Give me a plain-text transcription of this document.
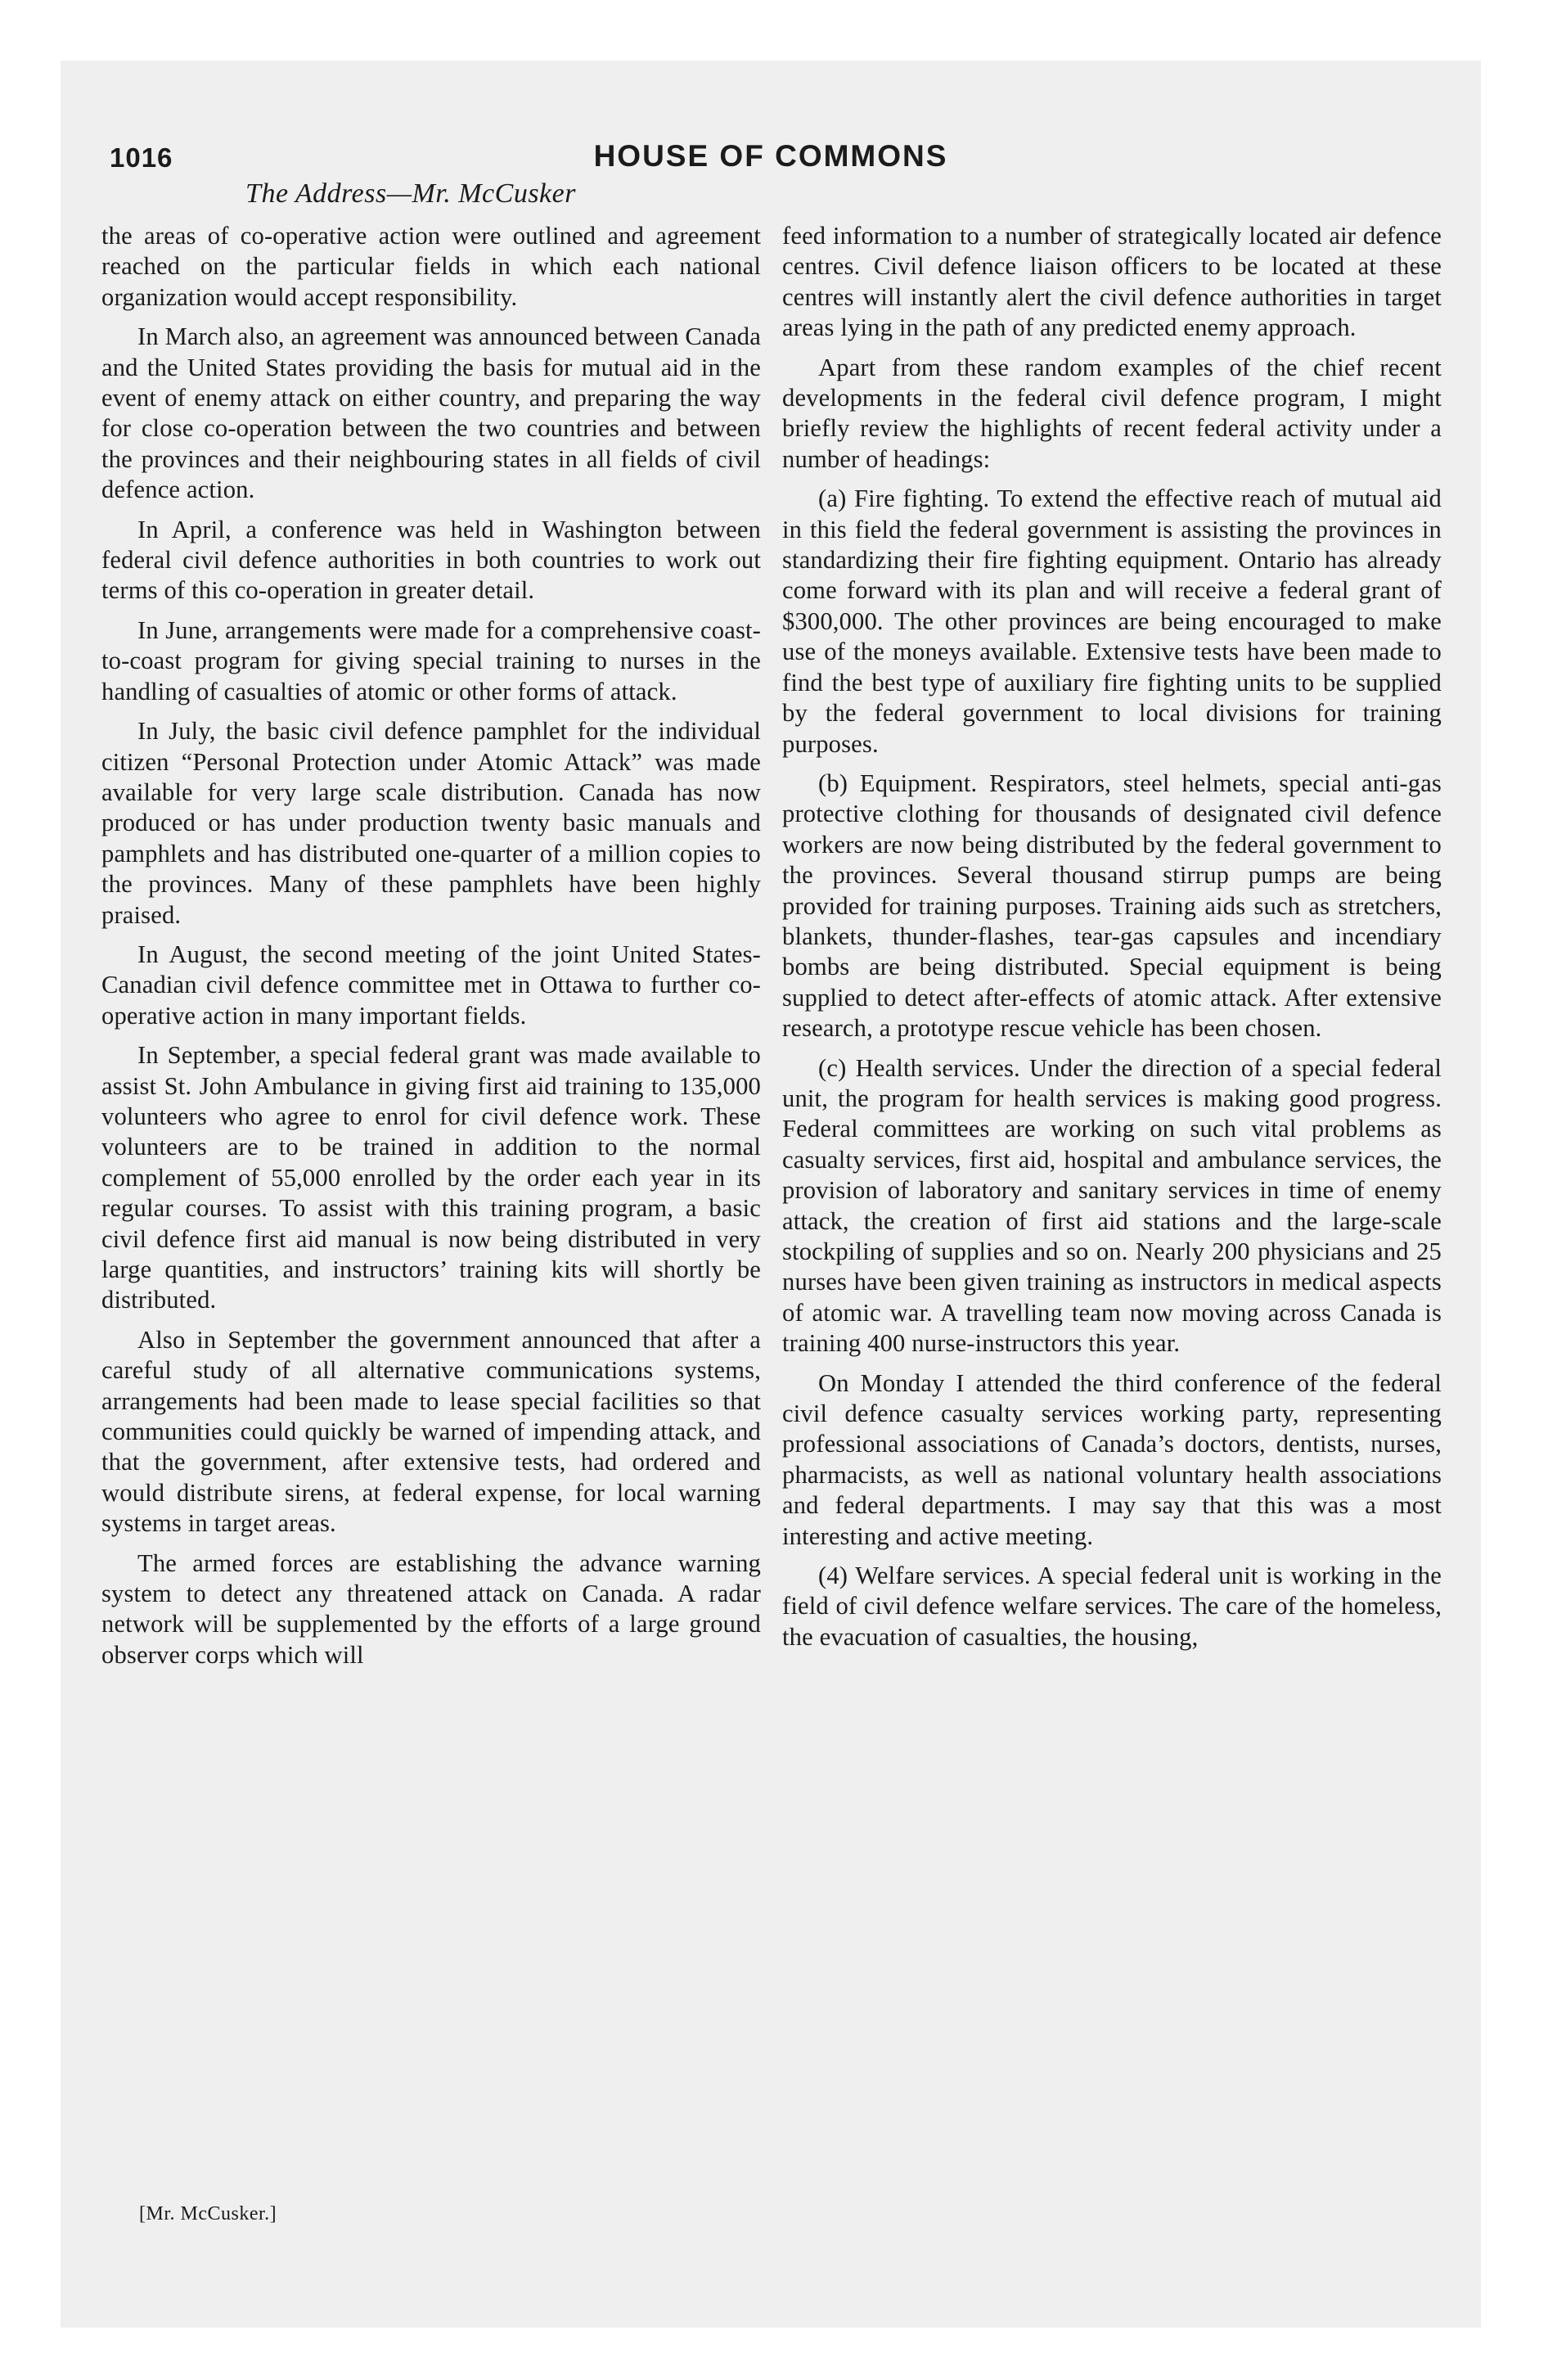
1016	HOUSE OF COMMONS
The Address—Mr. McCusker

the areas of co-operative action were outlined and agreement reached on the particular fields in which each national organization would accept responsibility.

In March also, an agreement was announced between Canada and the United States providing the basis for mutual aid in the event of enemy attack on either country, and preparing the way for close co-operation between the two countries and between the provinces and their neighbouring states in all fields of civil defence action.

In April, a conference was held in Washington between federal civil defence authorities in both countries to work out terms of this co-operation in greater detail.

In June, arrangements were made for a comprehensive coast-to-coast program for giving special training to nurses in the handling of casualties of atomic or other forms of attack.

In July, the basic civil defence pamphlet for the individual citizen “Personal Protection under Atomic Attack” was made available for very large scale distribution. Canada has now produced or has under production twenty basic manuals and pamphlets and has distributed one-quarter of a million copies to the provinces. Many of these pamphlets have been highly praised.

In August, the second meeting of the joint United States-Canadian civil defence committee met in Ottawa to further co-operative action in many important fields.

In September, a special federal grant was made available to assist St. John Ambulance in giving first aid training to 135,000 volunteers who agree to enrol for civil defence work. These volunteers are to be trained in addition to the normal complement of 55,000 enrolled by the order each year in its regular courses. To assist with this training program, a basic civil defence first aid manual is now being distributed in very large quantities, and instructors’ training kits will shortly be distributed.

Also in September the government announced that after a careful study of all alternative communications systems, arrangements had been made to lease special facilities so that communities could quickly be warned of impending attack, and that the government, after extensive tests, had ordered and would distribute sirens, at federal expense, for local warning systems in target areas.

The armed forces are establishing the advance warning system to detect any threatened attack on Canada. A radar network will be supplemented by the efforts of a large ground observer corps which will

feed information to a number of strategically located air defence centres. Civil defence liaison officers to be located at these centres will instantly alert the civil defence authorities in target areas lying in the path of any predicted enemy approach.

Apart from these random examples of the chief recent developments in the federal civil defence program, I might briefly review the highlights of recent federal activity under a number of headings:

(a) Fire fighting. To extend the effective reach of mutual aid in this field the federal government is assisting the provinces in standardizing their fire fighting equipment. Ontario has already come forward with its plan and will receive a federal grant of $300,000. The other provinces are being encouraged to make use of the moneys available. Extensive tests have been made to find the best type of auxiliary fire fighting units to be supplied by the federal government to local divisions for training purposes.

(b) Equipment. Respirators, steel helmets, special anti-gas protective clothing for thousands of designated civil defence workers are now being distributed by the federal government to the provinces. Several thousand stirrup pumps are being provided for training purposes. Training aids such as stretchers, blankets, thunder-flashes, tear-gas capsules and incendiary bombs are being distributed. Special equipment is being supplied to detect after-effects of atomic attack. After extensive research, a prototype rescue vehicle has been chosen.

(c) Health services. Under the direction of a special federal unit, the program for health services is making good progress. Federal committees are working on such vital problems as casualty services, first aid, hospital and ambulance services, the provision of laboratory and sanitary services in time of enemy attack, the creation of first aid stations and the large-scale stockpiling of supplies and so on. Nearly 200 physicians and 25 nurses have been given training as instructors in medical aspects of atomic war. A travelling team now moving across Canada is training 400 nurse-instructors this year.

On Monday I attended the third conference of the federal civil defence casualty services working party, representing professional associations of Canada’s doctors, dentists, nurses, pharmacists, as well as national voluntary health associations and federal departments. I may say that this was a most interesting and active meeting.

(4) Welfare services. A special federal unit is working in the field of civil defence welfare services. The care of the homeless, the evacuation of casualties, the housing,

[Mr. McCusker.]
